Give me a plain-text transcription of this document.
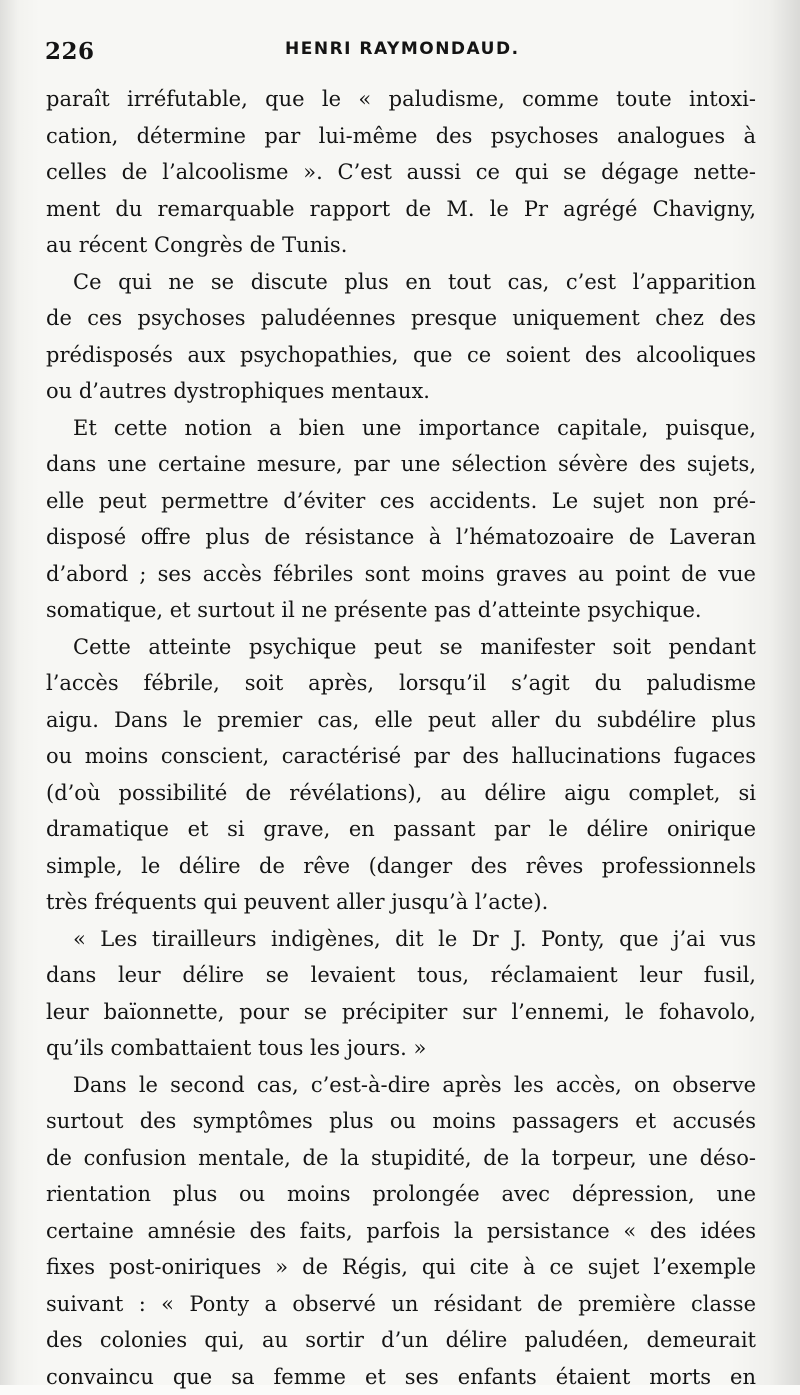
226	HENRI RAYMONDAUD.
paraît irréfutable, que le « paludisme, comme toute intoxi-
cation, détermine par lui-même des psychoses analogues à
celles de l’alcoolisme ». C’est aussi ce qui se dégage nette-
ment du remarquable rapport de M. le Pr agrégé Chavigny,
au récent Congrès de Tunis.
Ce qui ne se discute plus en tout cas, c’est l’apparition
de ces psychoses paludéennes presque uniquement chez des
prédisposés aux psychopathies, que ce soient des alcooliques
ou d’autres dystrophiques mentaux.
Et cette notion a bien une importance capitale, puisque,
dans une certaine mesure, par une sélection sévère des sujets,
elle peut permettre d’éviter ces accidents. Le sujet non pré-
disposé offre plus de résistance à l’hématozoaire de Laveran
d’abord ; ses accès fébriles sont moins graves au point de vue
somatique, et surtout il ne présente pas d’atteinte psychique.
Cette atteinte psychique peut se manifester soit pendant
l’accès fébrile, soit après, lorsqu’il s’agit du paludisme
aigu. Dans le premier cas, elle peut aller du subdélire plus
ou moins conscient, caractérisé par des hallucinations fugaces
(d’où possibilité de révélations), au délire aigu complet, si
dramatique et si grave, en passant par le délire onirique
simple, le délire de rêve (danger des rêves professionnels
très fréquents qui peuvent aller jusqu’à l’acte).
« Les tirailleurs indigènes, dit le Dr J. Ponty, que j’ai vus
dans leur délire se levaient tous, réclamaient leur fusil,
leur baïonnette, pour se précipiter sur l’ennemi, le fohavolo,
qu’ils combattaient tous les jours. »
Dans le second cas, c’est-à-dire après les accès, on observe
surtout des symptômes plus ou moins passagers et accusés
de confusion mentale, de la stupidité, de la torpeur, une déso-
rientation plus ou moins prolongée avec dépression, une
certaine amnésie des faits, parfois la persistance « des idées
fixes post-oniriques » de Régis, qui cite à ce sujet l’exemple
suivant : « Ponty a observé un résidant de première classe
des colonies qui, au sortir d’un délire paludéen, demeurait
convaincu que sa femme et ses enfants étaient morts en
